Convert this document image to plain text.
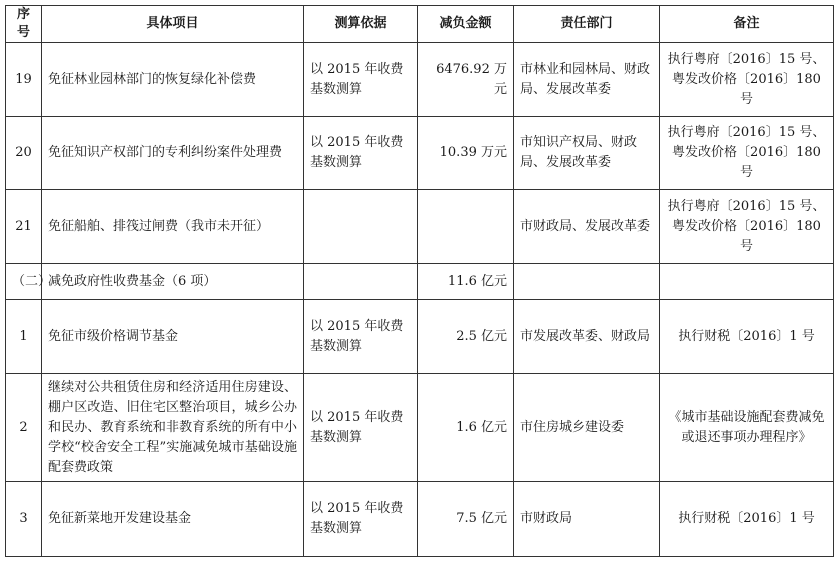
序号	具体项目	测算依据	减负金额	责任部门	备注
19	免征林业园林部门的恢复绿化补偿费	以 2015 年收费基数测算	6476.92 万元	市林业和园林局、财政局、发展改革委	执行粤府〔2016〕15 号、粤发改价格〔2016〕180 号
20	免征知识产权部门的专利纠纷案件处理费	以 2015 年收费基数测算	10.39 万元	市知识产权局、财政局、发展改革委	执行粤府〔2016〕15 号、粤发改价格〔2016〕180 号
21	免征船舶、排筏过闸费（我市未开征）			市财政局、发展改革委	执行粤府〔2016〕15 号、粤发改价格〔2016〕180 号
（二）	减免政府性收费基金（6 项）		11.6 亿元		
1	免征市级价格调节基金	以 2015 年收费基数测算	2.5 亿元	市发展改革委、财政局	执行财税〔2016〕1 号
2	继续对公共租赁住房和经济适用住房建设、棚户区改造、旧住宅区整治项目，城乡公办和民办、教育系统和非教育系统的所有中小学校“校舍安全工程”实施减免城市基础设施配套费政策	以 2015 年收费基数测算	1.6 亿元	市住房城乡建设委	《城市基础设施配套费减免或退还事项办理程序》
3	免征新菜地开发建设基金	以 2015 年收费基数测算	7.5 亿元	市财政局	执行财税〔2016〕1 号
